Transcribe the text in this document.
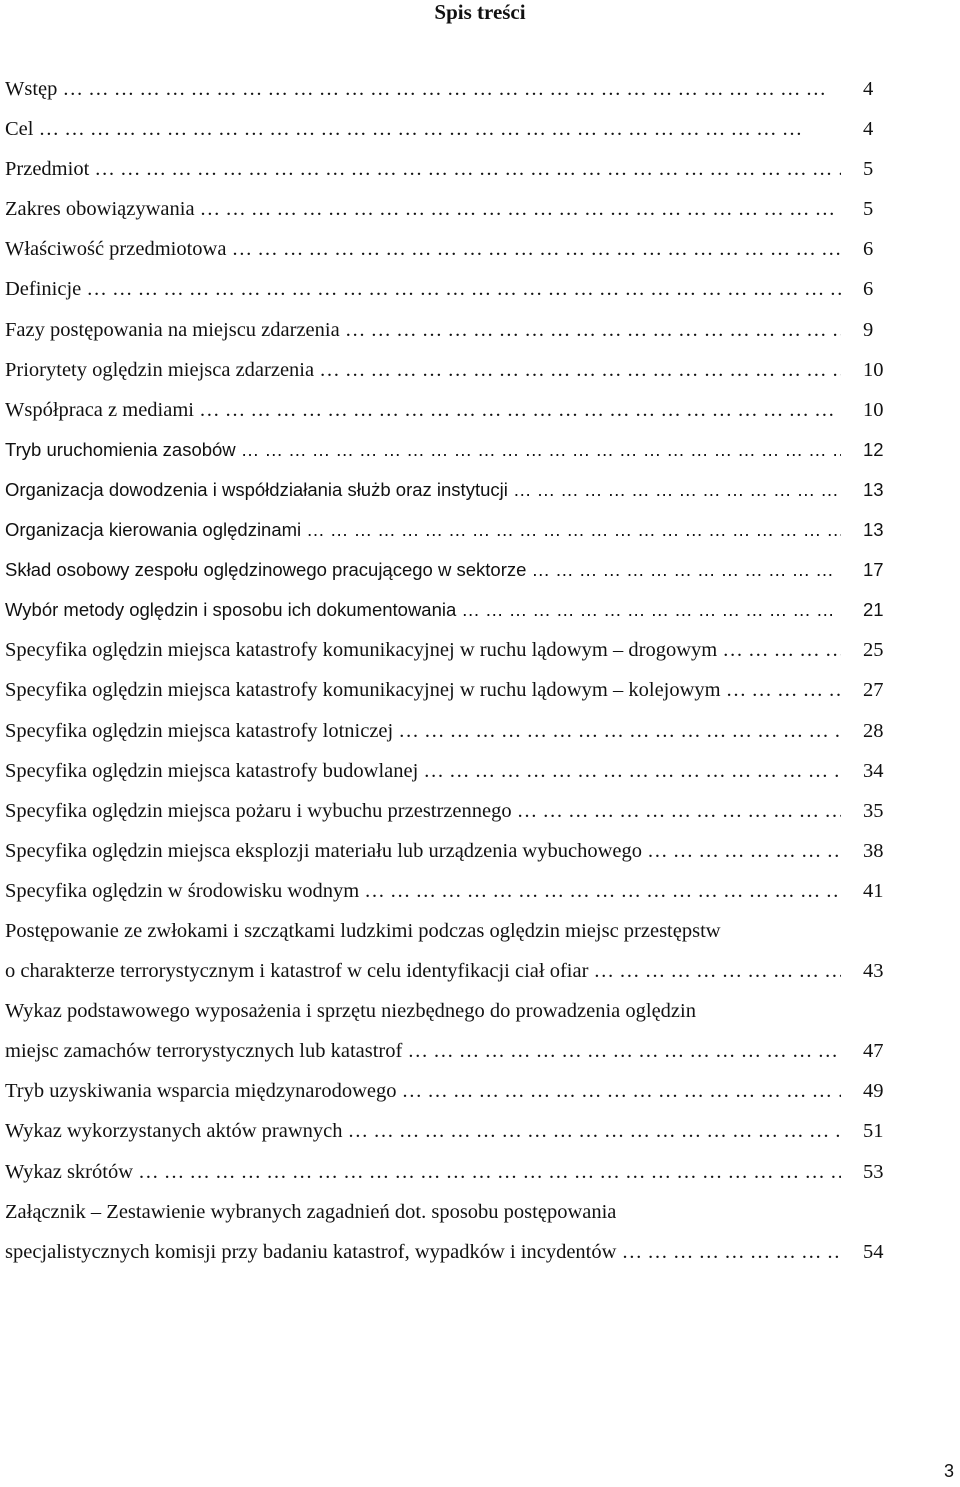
Spis treści
Wstęp … … … … … … … … … … … … … … … … … … … … … … … … … … … … … …	4
Cel … … … … … … … … … … … … … … … … … … … … … … … … … … … … … …	4
Przedmiot … … … … … … … … … … … … … … … … … … … … … … … … … … … … … …	5
Zakres obowiązywania … … … … … … … … … … … … … … … … … … … … … … … … … … … … … …	5
Właściwość przedmiotowa … … … … … … … … … … … … … … … … … … … … … … … … … … … … … …	6
Definicje … … … … … … … … … … … … … … … … … … … … … … … … … … … … … …	6
Fazy postępowania na miejscu zdarzenia … … … … … … … … … … … … … … … … … … … … … … … … … … … … … …	9
Priorytety oględzin miejsca zdarzenia … … … … … … … … … … … … … … … … … … … … … … … … … … … … … …	10
Współpraca z mediami … … … … … … … … … … … … … … … … … … … … … … … … … … … … … …	10
Tryb uruchomienia zasobów … … … … … … … … … … … … … … … … … … … … … … … … … … … … … …	12
Organizacja dowodzenia i współdziałania służb oraz instytucji … … … … … … … … … … … … … … … … … … … … … … … … … … … … … …	13
Organizacja kierowania oględzinami … … … … … … … … … … … … … … … … … … … … … … … … … … … … … …	13
Skład osobowy zespołu oględzinowego pracującego w sektorze … … … … … … … … … … … … … … … … … … … … … … … … … … … … … …	17
Wybór metody oględzin i sposobu ich dokumentowania … … … … … … … … … … … … … … … … … … … … … … … … … … … … … …	21
Specyfika oględzin miejsca katastrofy komunikacyjnej w ruchu lądowym – drogowym … … … … … … … … … … … … … … … … … … … … … … … … … … … … … …	25
Specyfika oględzin miejsca katastrofy komunikacyjnej w ruchu lądowym – kolejowym … … … … … … … … … … … … … … … … … … … … … … … … … … … … … …	27
Specyfika oględzin miejsca katastrofy lotniczej … … … … … … … … … … … … … … … … … … … … … … … … … … … … … …	28
Specyfika oględzin miejsca katastrofy budowlanej … … … … … … … … … … … … … … … … … … … … … … … … … … … … … …	34
Specyfika oględzin miejsca pożaru i wybuchu przestrzennego … … … … … … … … … … … … … … … … … … … … … … … … … … … … … …	35
Specyfika oględzin miejsca eksplozji materiału lub urządzenia wybuchowego … … … … … … … … … … … … … … … … … … … … … … … … … … … … … …	38
Specyfika oględzin w środowisku wodnym … … … … … … … … … … … … … … … … … … … … … … … … … … … … … …	41
Postępowanie ze zwłokami i szczątkami ludzkimi podczas oględzin miejsc przestępstw
o charakterze terrorystycznym i katastrof w celu identyfikacji ciał ofiar … … … … … … … … … … … … … … … … … … … … … … … … … … … … … …	43
Wykaz podstawowego wyposażenia i sprzętu niezbędnego do prowadzenia oględzin
miejsc zamachów terrorystycznych lub katastrof … … … … … … … … … … … … … … … … … … … … … … … … … … … … … …	47
Tryb uzyskiwania wsparcia międzynarodowego … … … … … … … … … … … … … … … … … … … … … … … … … … … … … …	49
Wykaz wykorzystanych aktów prawnych … … … … … … … … … … … … … … … … … … … … … … … … … … … … … …	51
Wykaz skrótów … … … … … … … … … … … … … … … … … … … … … … … … … … … … … …	53
Załącznik – Zestawienie wybranych zagadnień dot. sposobu postępowania
specjalistycznych komisji przy badaniu katastrof, wypadków i incydentów … … … … … … … … … … … … … … … … … … … … … … … … … … … … … …	54
3
